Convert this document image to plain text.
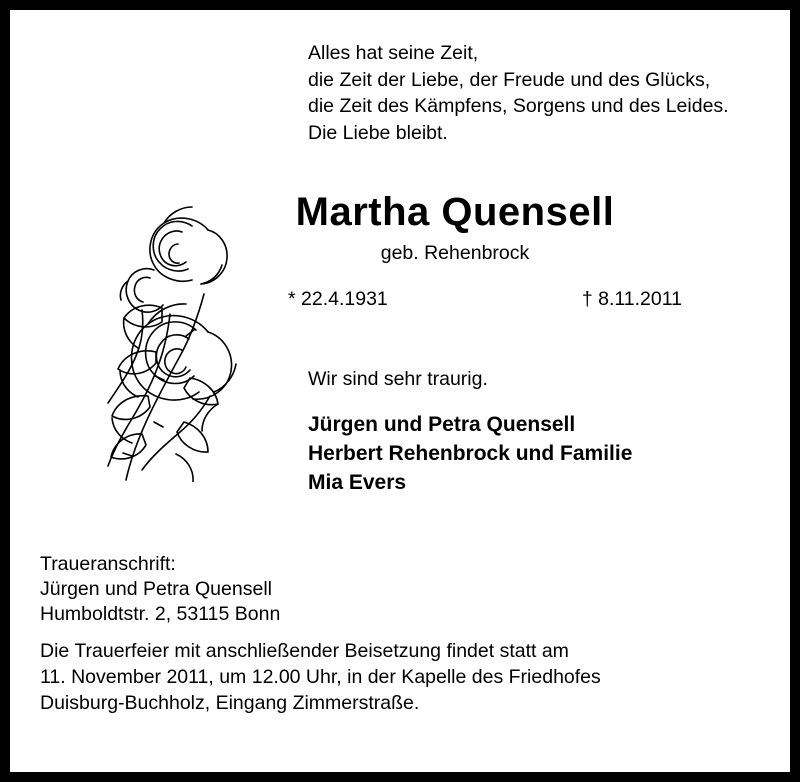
Alles hat seine Zeit,
die Zeit der Liebe, der Freude und des Glücks,
die Zeit des Kämpfens, Sorgens und des Leides.
Die Liebe bleibt.
Martha Quensell
geb. Rehenbrock
* 22.4.1931	† 8.11.2011
Wir sind sehr traurig.
Jürgen und Petra Quensell
Herbert Rehenbrock und Familie
Mia Evers
Traueranschrift:
Jürgen und Petra Quensell
Humboldtstr. 2, 53115 Bonn
Die Trauerfeier mit anschließender Beisetzung findet statt am
11. November 2011, um 12.00 Uhr, in der Kapelle des Friedhofes
Duisburg-Buchholz, Eingang Zimmerstraße.
